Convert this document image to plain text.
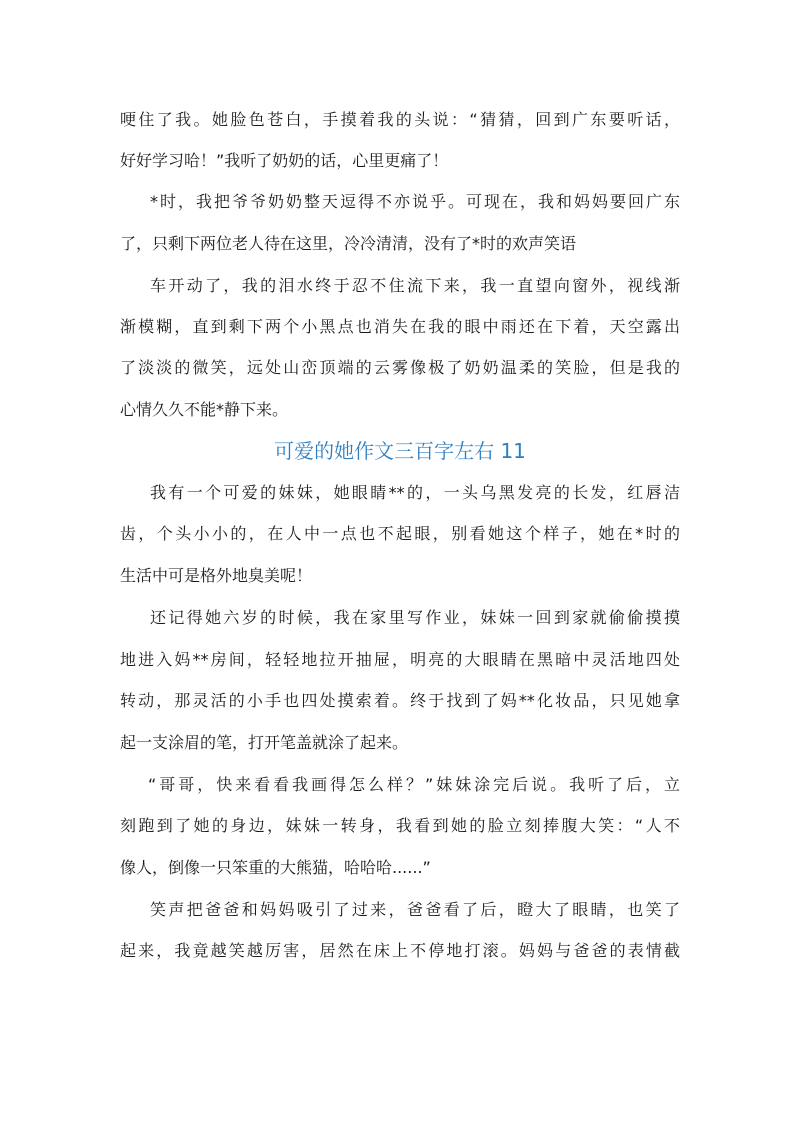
哽住了我。她脸色苍白，手摸着我的头说：“猜猜，回到广东要听话，
好好学习哈！”我听了奶奶的话，心里更痛了！
*时，我把爷爷奶奶整天逗得不亦说乎。可现在，我和妈妈要回广东
了，只剩下两位老人待在这里，冷冷清清，没有了*时的欢声笑语
车开动了，我的泪水终于忍不住流下来，我一直望向窗外，视线渐
渐模糊，直到剩下两个小黑点也消失在我的眼中雨还在下着，天空露出
了淡淡的微笑，远处山峦顶端的云雾像极了奶奶温柔的笑脸，但是我的
心情久久不能*静下来。
可爱的她作文三百字左右 11
我有一个可爱的妹妹，她眼睛**的，一头乌黑发亮的长发，红唇洁
齿，个头小小的，在人中一点也不起眼，别看她这个样子，她在*时的
生活中可是格外地臭美呢！
还记得她六岁的时候，我在家里写作业，妹妹一回到家就偷偷摸摸
地进入妈**房间，轻轻地拉开抽屉，明亮的大眼睛在黑暗中灵活地四处
转动，那灵活的小手也四处摸索着。终于找到了妈**化妆品，只见她拿
起一支涂眉的笔，打开笔盖就涂了起来。
“哥哥，快来看看我画得怎么样？”妹妹涂完后说。我听了后，立
刻跑到了她的身边，妹妹一转身，我看到她的脸立刻捧腹大笑：“人不
像人，倒像一只笨重的大熊猫，哈哈哈......”
笑声把爸爸和妈妈吸引了过来，爸爸看了后，瞪大了眼睛，也笑了
起来，我竟越笑越厉害，居然在床上不停地打滚。妈妈与爸爸的表情截
